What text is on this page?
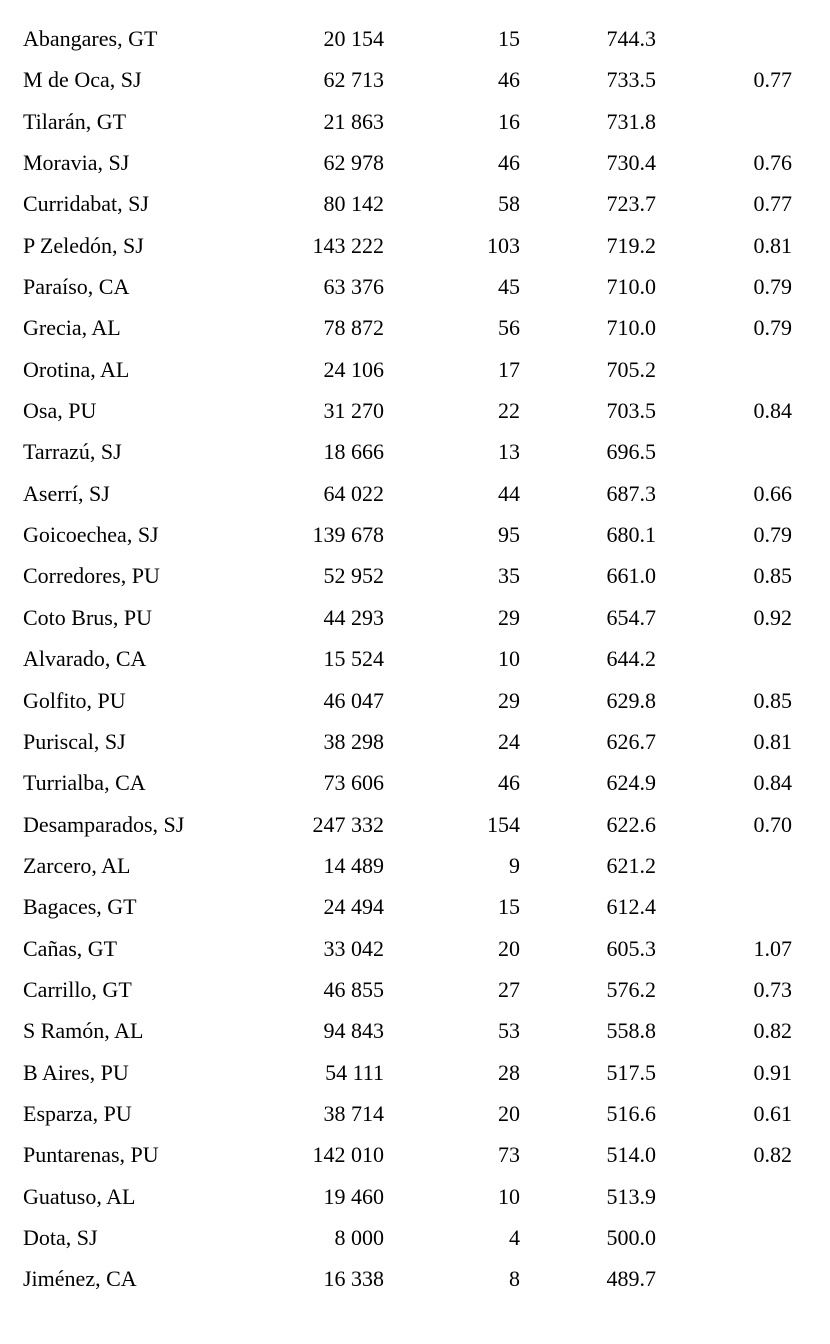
Abangares, GT	20 154	15	744.3
M de Oca, SJ	62 713	46	733.5	0.77
Tilarán, GT	21 863	16	731.8
Moravia, SJ	62 978	46	730.4	0.76
Curridabat, SJ	80 142	58	723.7	0.77
P Zeledón, SJ	143 222	103	719.2	0.81
Paraíso, CA	63 376	45	710.0	0.79
Grecia, AL	78 872	56	710.0	0.79
Orotina, AL	24 106	17	705.2
Osa, PU	31 270	22	703.5	0.84
Tarrazú, SJ	18 666	13	696.5
Aserrí, SJ	64 022	44	687.3	0.66
Goicoechea, SJ	139 678	95	680.1	0.79
Corredores, PU	52 952	35	661.0	0.85
Coto Brus, PU	44 293	29	654.7	0.92
Alvarado, CA	15 524	10	644.2
Golfito, PU	46 047	29	629.8	0.85
Puriscal, SJ	38 298	24	626.7	0.81
Turrialba, CA	73 606	46	624.9	0.84
Desamparados, SJ	247 332	154	622.6	0.70
Zarcero, AL	14 489	9	621.2
Bagaces, GT	24 494	15	612.4
Cañas, GT	33 042	20	605.3	1.07
Carrillo, GT	46 855	27	576.2	0.73
S Ramón, AL	94 843	53	558.8	0.82
B Aires, PU	54 111	28	517.5	0.91
Esparza, PU	38 714	20	516.6	0.61
Puntarenas, PU	142 010	73	514.0	0.82
Guatuso, AL	19 460	10	513.9
Dota, SJ	8 000	4	500.0
Jiménez, CA	16 338	8	489.7
